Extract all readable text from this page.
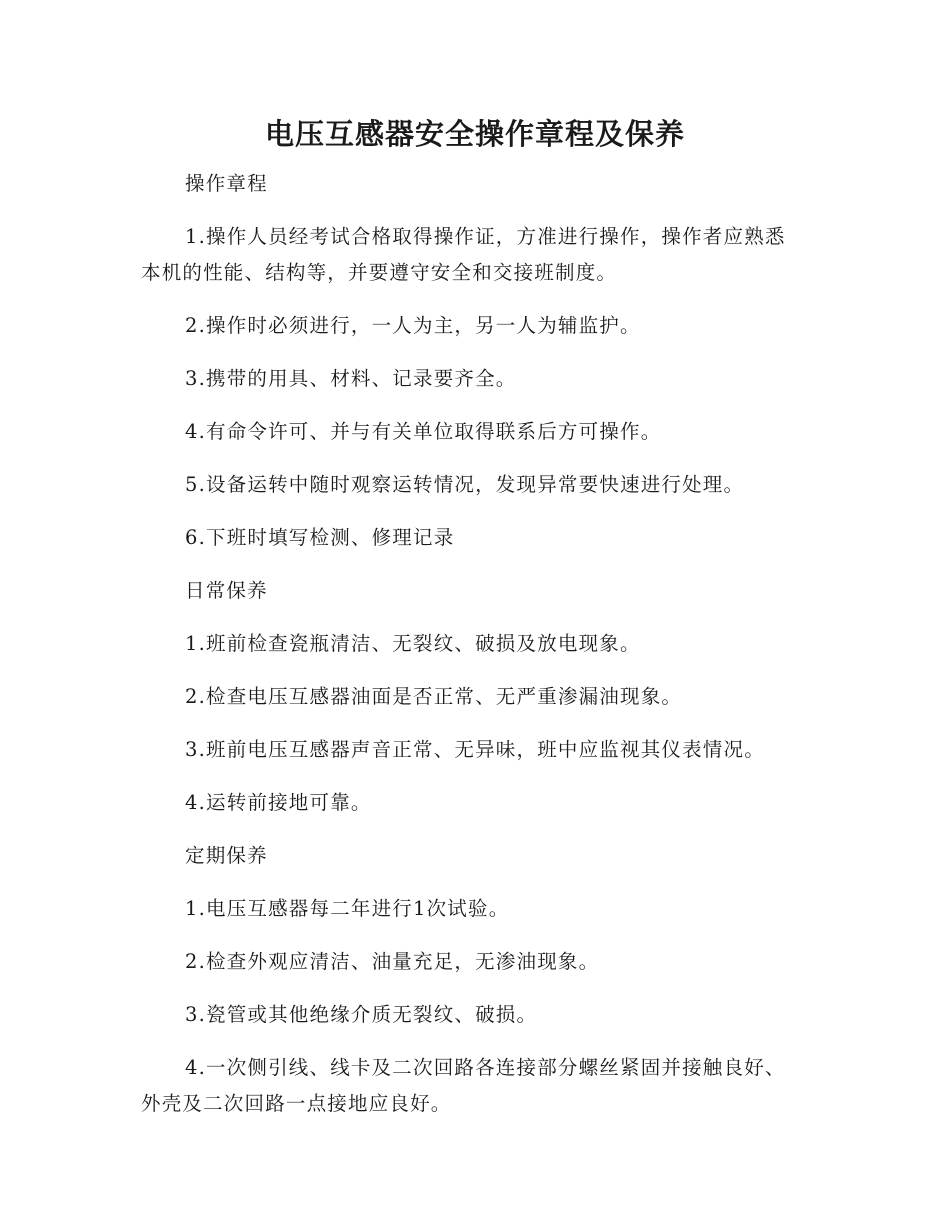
电压互感器安全操作章程及保养

操作章程

1.操作人员经考试合格取得操作证，方准进行操作，操作者应熟悉本机的性能、结构等，并要遵守安全和交接班制度。

2.操作时必须进行，一人为主，另一人为辅监护。

3.携带的用具、材料、记录要齐全。

4.有命令许可、并与有关单位取得联系后方可操作。

5.设备运转中随时观察运转情况，发现异常要快速进行处理。

6.下班时填写检测、修理记录

日常保养

1.班前检查瓷瓶清洁、无裂纹、破损及放电现象。

2.检查电压互感器油面是否正常、无严重渗漏油现象。

3.班前电压互感器声音正常、无异味，班中应监视其仪表情况。

4.运转前接地可靠。

定期保养

1.电压互感器每二年进行1次试验。

2.检查外观应清洁、油量充足，无渗油现象。

3.瓷管或其他绝缘介质无裂纹、破损。

4.一次侧引线、线卡及二次回路各连接部分螺丝紧固并接触良好、外壳及二次回路一点接地应良好。
